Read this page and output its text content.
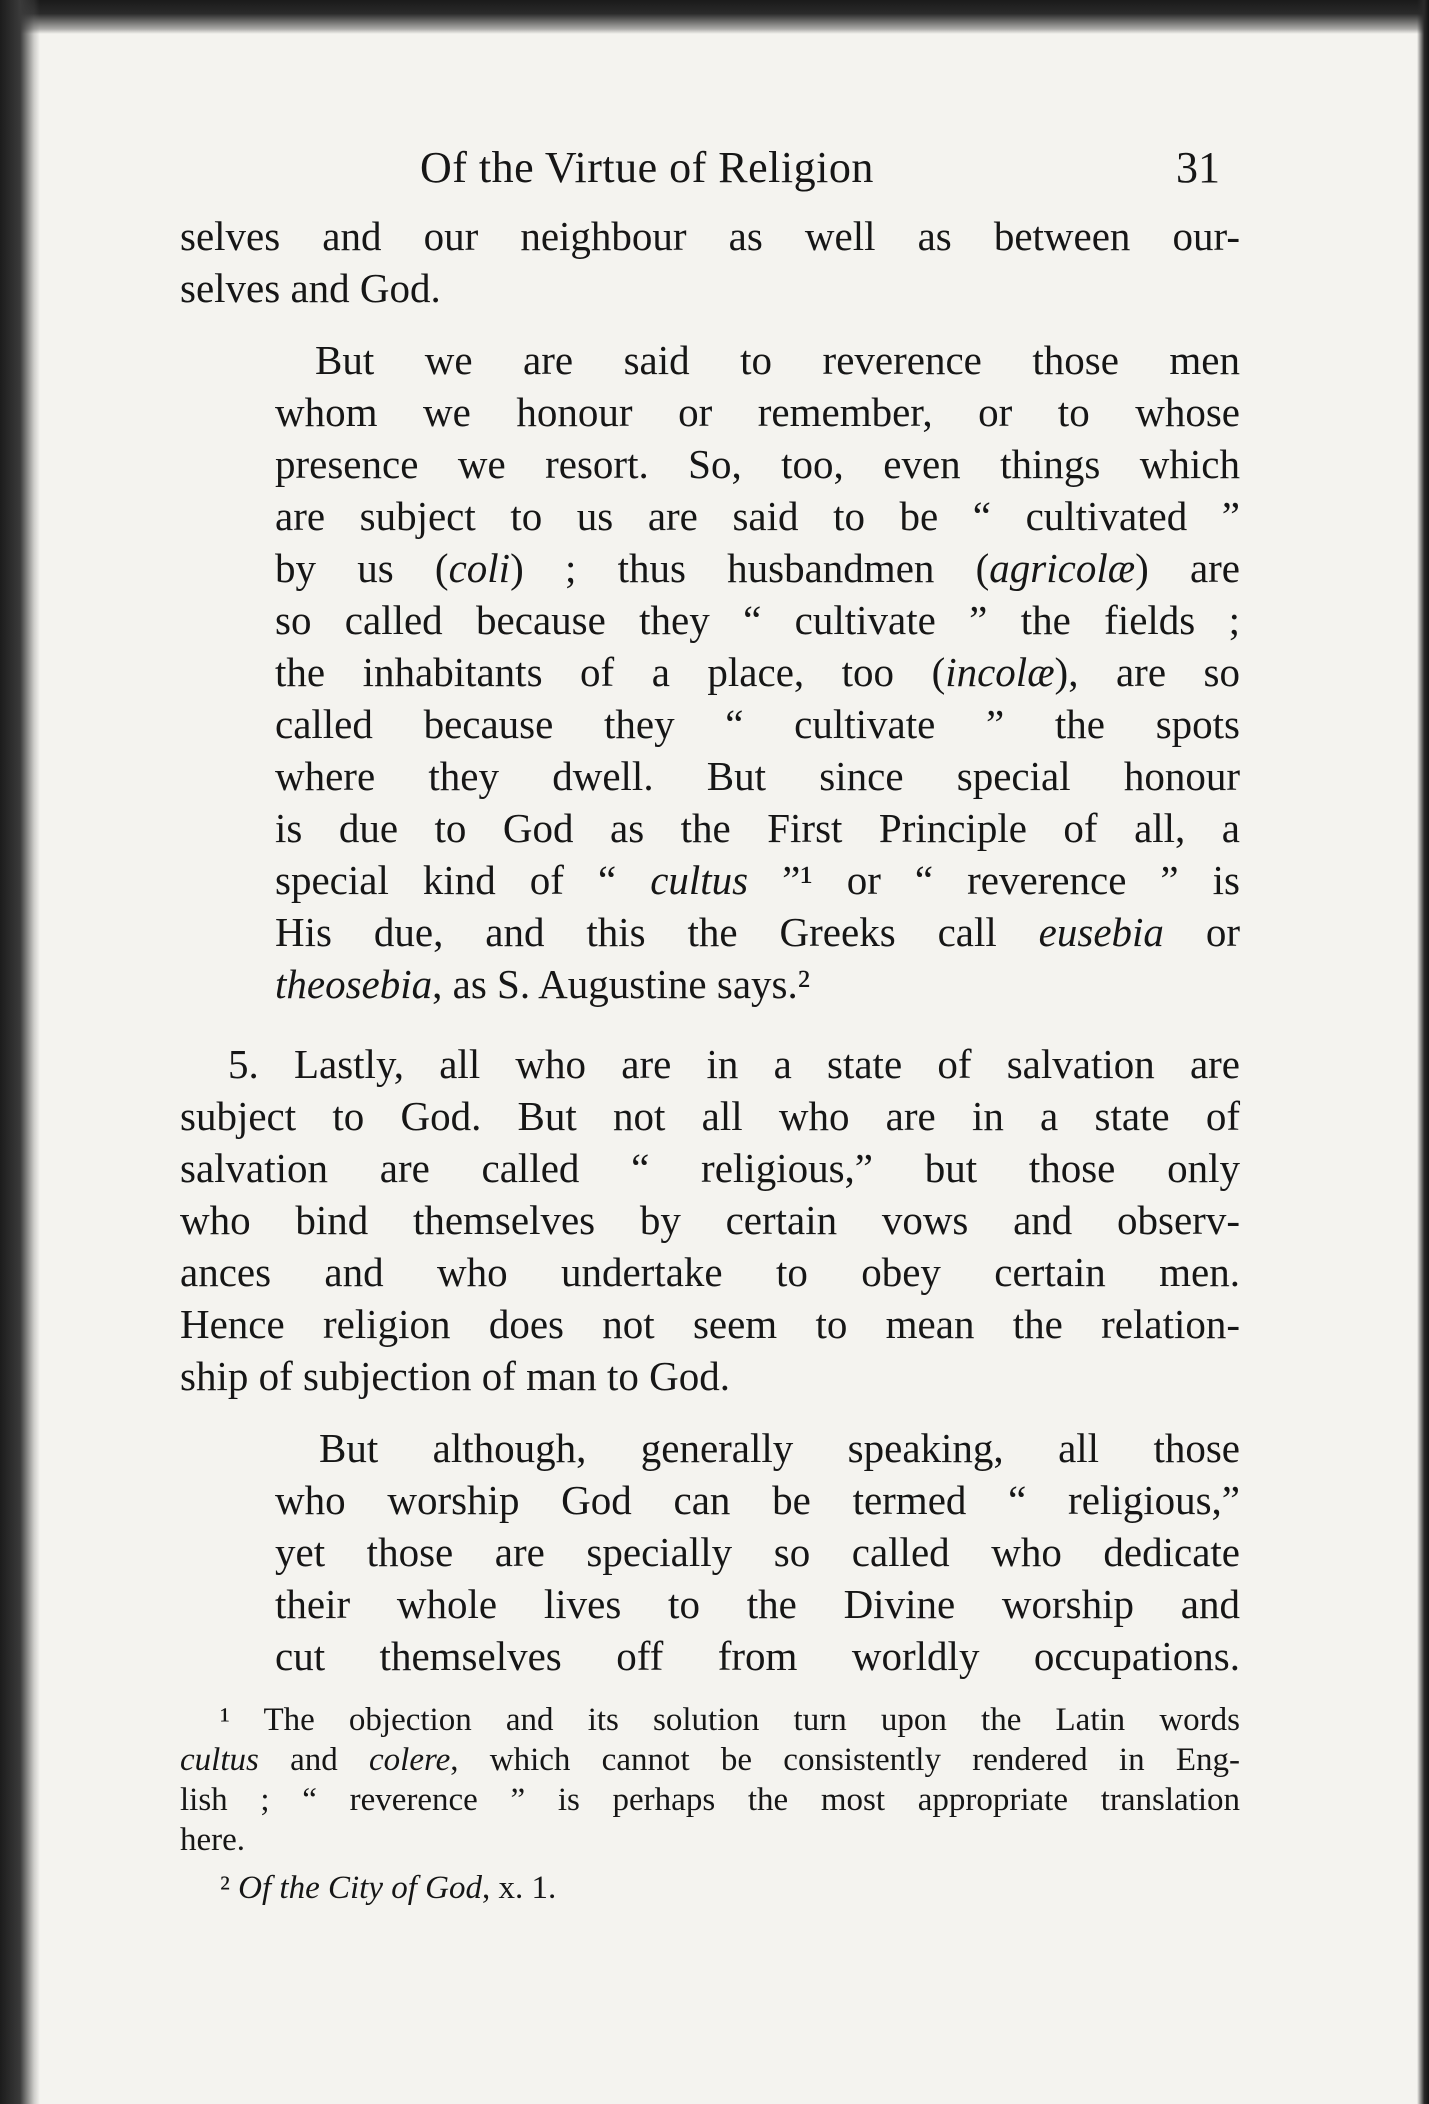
Of the Virtue of Religion	31
selves and our neighbour as well as between our-
selves and God.
But we are said to reverence those men
whom we honour or remember, or to whose
presence we resort. So, too, even things which
are subject to us are said to be “ cultivated ”
by us (coli) ; thus husbandmen (agricolæ) are
so called because they “ cultivate ” the fields ;
the inhabitants of a place, too (incolæ), are so
called because they “ cultivate ” the spots
where they dwell. But since special honour
is due to God as the First Principle of all, a
special kind of “ cultus ”¹ or “ reverence ” is
His due, and this the Greeks call eusebia or
theosebia, as S. Augustine says.²
5. Lastly, all who are in a state of salvation are
subject to God. But not all who are in a state of
salvation are called “ religious,” but those only
who bind themselves by certain vows and observ-
ances and who undertake to obey certain men.
Hence religion does not seem to mean the relation-
ship of subjection of man to God.
But although, generally speaking, all those
who worship God can be termed “ religious,”
yet those are specially so called who dedicate
their whole lives to the Divine worship and
cut themselves off from worldly occupations.
¹ The objection and its solution turn upon the Latin words
cultus and colere, which cannot be consistently rendered in Eng-
lish ; “ reverence ” is perhaps the most appropriate translation
here.
² Of the City of God, x. 1.
